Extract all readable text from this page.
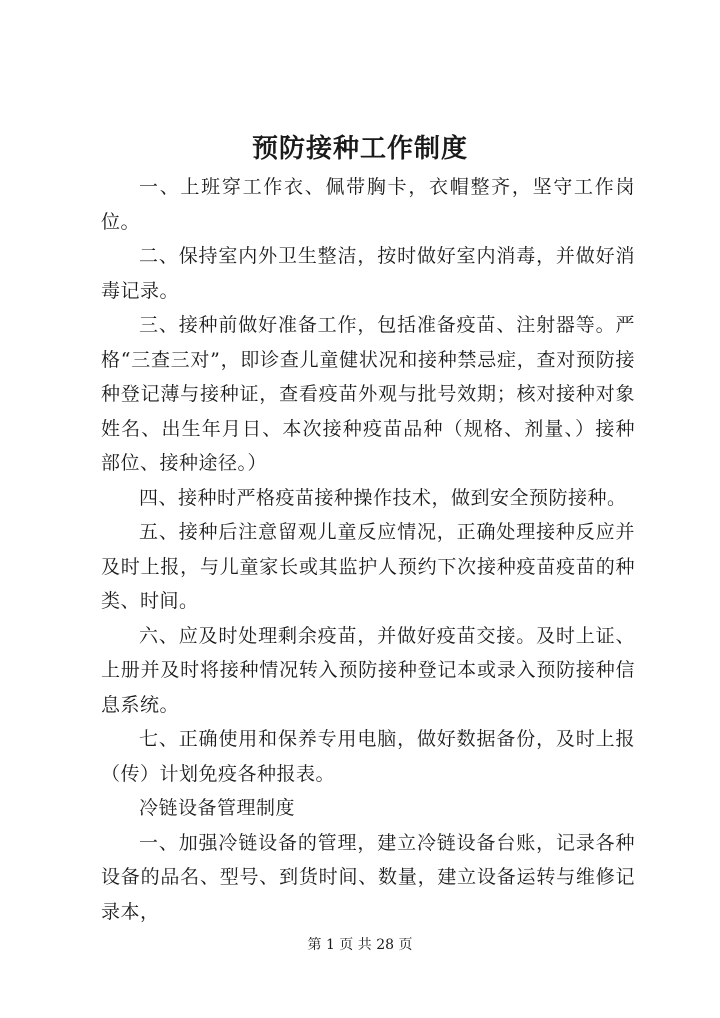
预防接种工作制度

一、上班穿工作衣、佩带胸卡，衣帽整齐，坚守工作岗位。

二、保持室内外卫生整洁，按时做好室内消毒，并做好消毒记录。

三、接种前做好准备工作，包括准备疫苗、注射器等。严格“三查三对”，即诊查儿童健状况和接种禁忌症，查对预防接种登记薄与接种证，查看疫苗外观与批号效期；核对接种对象姓名、出生年月日、本次接种疫苗品种（规格、剂量、）接种部位、接种途径。）

四、接种时严格疫苗接种操作技术，做到安全预防接种。

五、接种后注意留观儿童反应情况，正确处理接种反应并及时上报，与儿童家长或其监护人预约下次接种疫苗疫苗的种类、时间。

六、应及时处理剩余疫苗，并做好疫苗交接。及时上证、上册并及时将接种情况转入预防接种登记本或录入预防接种信息系统。

七、正确使用和保养专用电脑，做好数据备份，及时上报（传）计划免疫各种报表。

冷链设备管理制度

一、加强冷链设备的管理，建立冷链设备台账，记录各种设备的品名、型号、到货时间、数量，建立设备运转与维修记录本，

第 1 页 共 28 页
